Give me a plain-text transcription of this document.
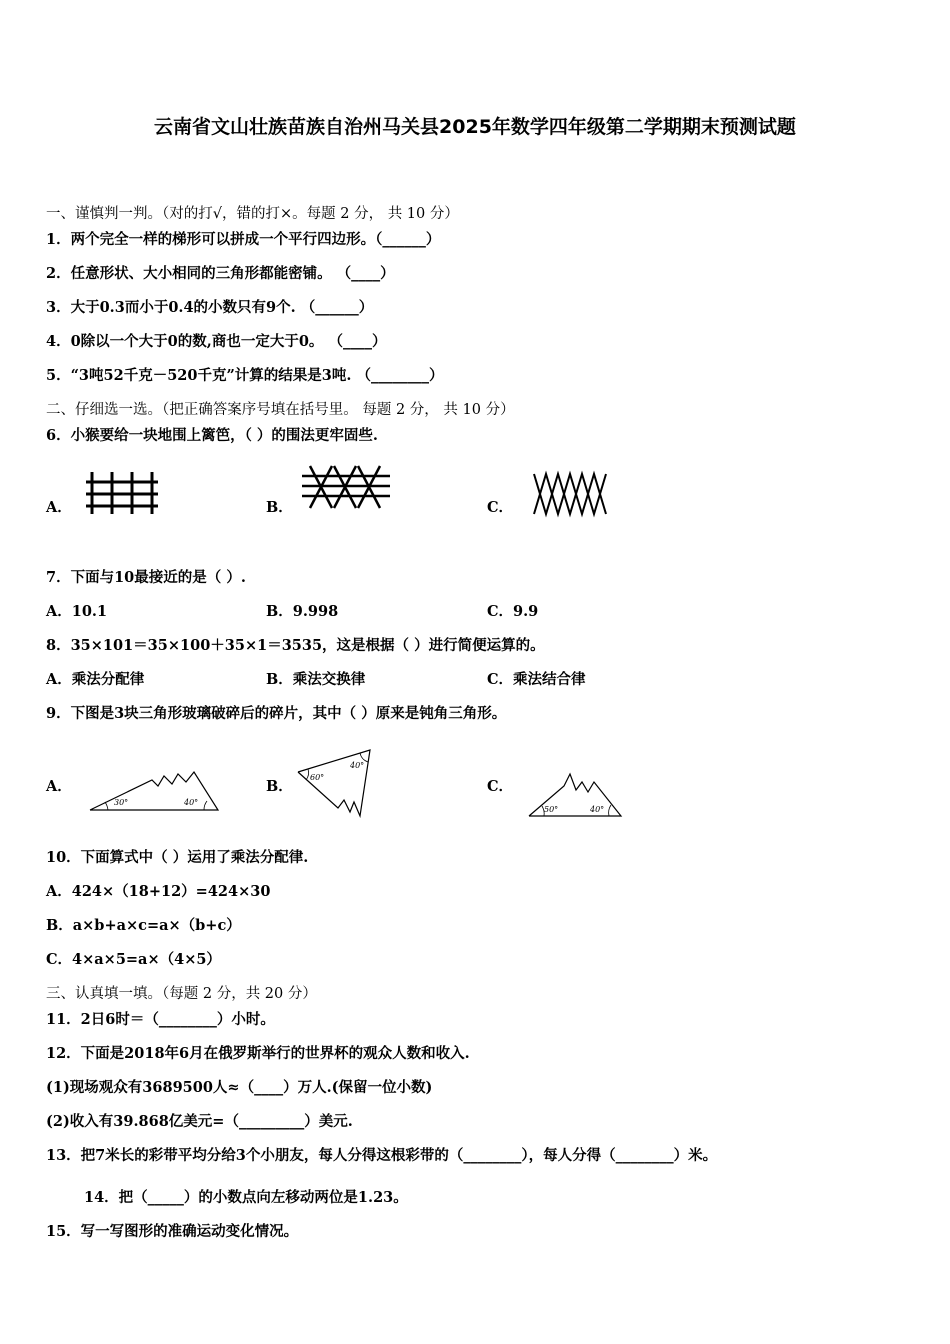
云南省文山壮族苗族自治州马关县2025年数学四年级第二学期期末预测试题
一、谨慎判一判。（对的打√，错的打×。每题 2 分， 共 10 分）
1．两个完全一样的梯形可以拼成一个平行四边形。（______）
2．任意形状、大小相同的三角形都能密铺。 （____）
3．大于0.3而小于0.4的小数只有9个. （______）
4．0除以一个大于0的数,商也一定大于0。 （____）
5．“3吨52千克－520千克”计算的结果是3吨. （________）
二、仔细选一选。（把正确答案序号填在括号里。 每题 2 分， 共 10 分）
6．小猴要给一块地围上篱笆，（ ）的围法更牢固些.
A．	B．	C．
7．下面与10最接近的是（ ）.
A．10.1	B．9.998	C．9.9
8．35×101＝35×100＋35×1＝3535，这是根据（ ）进行简便运算的。
A．乘法分配律	B．乘法交换律	C．乘法结合律
9．下图是3块三角形玻璃破碎后的碎片，其中（ ）原来是钝角三角形。
A．
30°	40°
B．
60°
40°
C．
50°	40°
10．下面算式中（ ）运用了乘法分配律.
A．424×（18+12）=424×30
B．a×b+a×c=a×（b+c）
C．4×a×5=a×（4×5）
三、认真填一填。（每题 2 分，共 20 分）
11．2日6时＝（________）小时。
12．下面是2018年6月在俄罗斯举行的世界杯的观众人数和收入.
(1)现场观众有3689500人≈（____）万人.(保留一位小数)
(2)收入有39.868亿美元=（_________）美元.
13．把7米长的彩带平均分给3个小朋友，每人分得这根彩带的（________），每人分得（________）米。
14．把（_____）的小数点向左移动两位是1.23。
15．写一写图形的准确运动变化情况。
